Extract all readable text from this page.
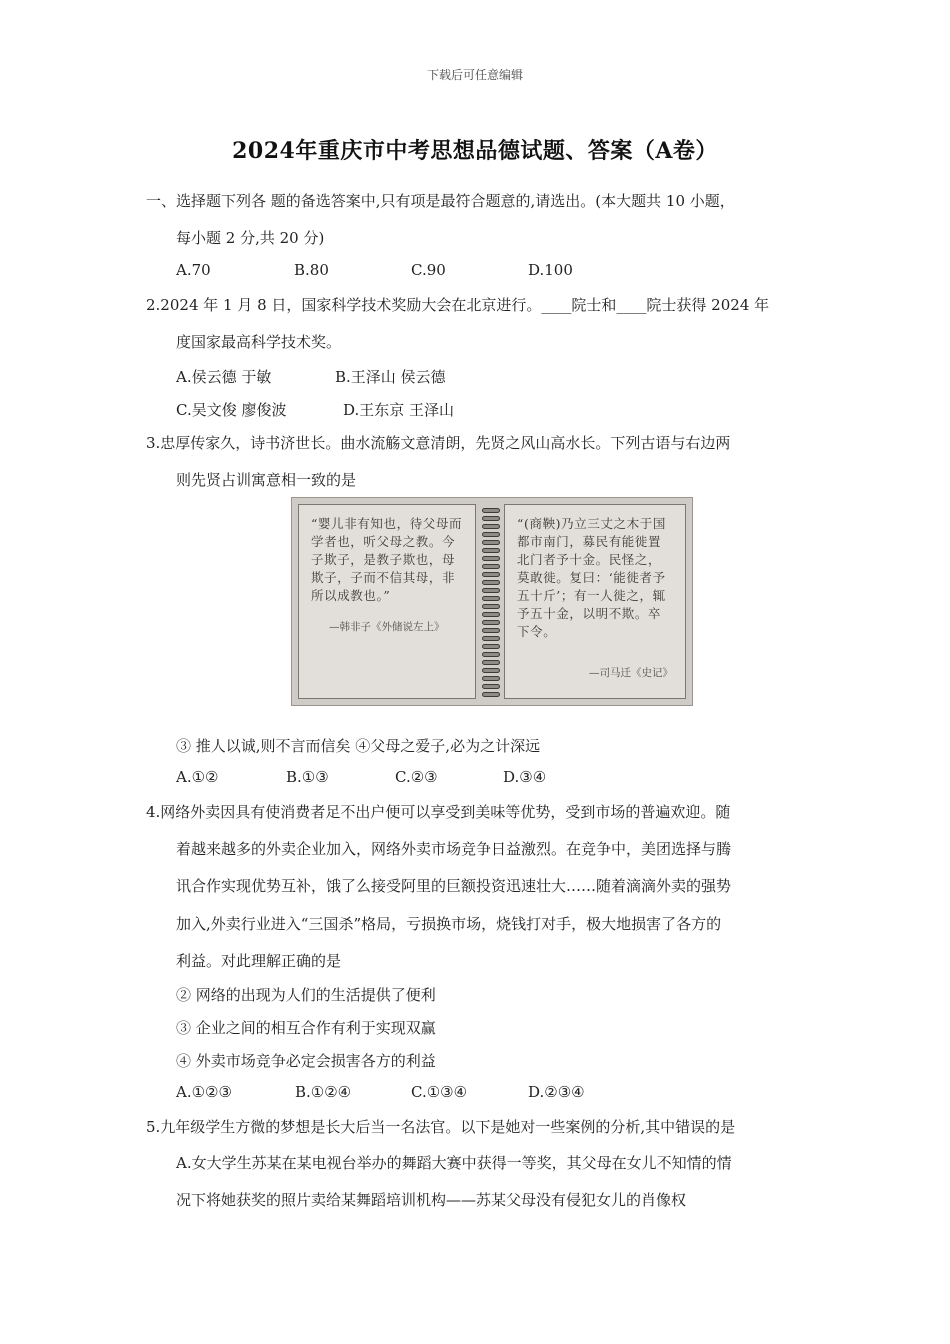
下载后可任意编辑
2024年重庆市中考思想品德试题、答案（A卷）
一、选择题下列各 题的备选答案中,只有项是最符合题意的,请选出。(本大题共 10 小题，
每小题 2 分,共 20 分)
A.70	B.80	C.90	D.100
2.2024 年 1 月 8 日，国家科学技术奖励大会在北京进行。____院士和____院士获得 2024 年
度国家最高科学技术奖。
A.侯云德 于敏	B.王泽山 侯云德
C.吴文俊 廖俊波	D.王东京 王泽山
3.忠厚传家久，诗书济世长。曲水流觞文意清朗，先贤之风山高水长。下列古语与右边两
则先贤占训寓意相一致的是
“婴儿非有知也，待父母而学者也，听父母之教。今子欺子，是教子欺也，母欺子，子而不信其母，非所以成教也。”
—韩非子《外储说左上》
“(商鞅)乃立三丈之木于国都市南门，募民有能徙置北门者予十金。民怪之，莫敢徙。复曰：‘能徙者予五十斤’；有一人徙之，辄予五十金，以明不欺。卒下令。
—司马迁《史记》
③ 推人以诚,则不言而信矣 ④父母之爱子,必为之计深远
A.①②	B.①③	C.②③	D.③④
4.网络外卖因具有使消费者足不出户便可以享受到美味等优势，受到市场的普遍欢迎。随
着越来越多的外卖企业加入，网络外卖市场竞争日益激烈。在竞争中，美团选择与腾
讯合作实现优势互补，饿了么接受阿里的巨额投资迅速壮大……随着滴滴外卖的强势
加入,外卖行业进入“三国杀”格局，亏损换市场，烧钱打对手，极大地损害了各方的
利益。对此理解正确的是
② 网络的出现为人们的生活提供了便利
③ 企业之间的相互合作有利于实现双赢
④ 外卖市场竞争必定会损害各方的利益
A.①②③	B.①②④	C.①③④	D.②③④
5.九年级学生方微的梦想是长大后当一名法官。以下是她对一些案例的分析,其中错误的是
A.女大学生苏某在某电视台举办的舞蹈大赛中获得一等奖，其父母在女儿不知情的情
况下将她获奖的照片卖给某舞蹈培训机构——苏某父母没有侵犯女儿的肖像权
